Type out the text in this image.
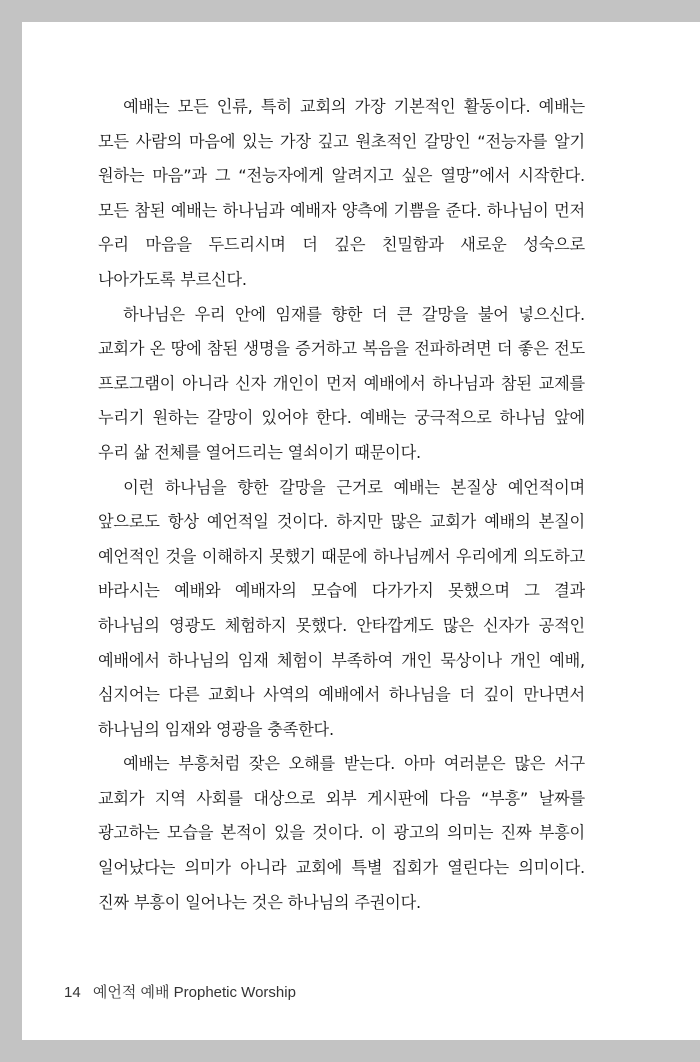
예배는 모든 인류, 특히 교회의 가장 기본적인 활동이다. 예배는 모든 사람의 마음에 있는 가장 깊고 원초적인 갈망인 “전능자를 알기 원하는 마음”과 그 “전능자에게 알려지고 싶은 열망”에서 시작한다. 모든 참된 예배는 하나님과 예배자 양측에 기쁨을 준다. 하나님이 먼저 우리 마음을 두드리시며 더 깊은 친밀함과 새로운 성숙으로 나아가도록 부르신다.

하나님은 우리 안에 임재를 향한 더 큰 갈망을 불어 넣으신다. 교회가 온 땅에 참된 생명을 증거하고 복음을 전파하려면 더 좋은 전도 프로그램이 아니라 신자 개인이 먼저 예배에서 하나님과 참된 교제를 누리기 원하는 갈망이 있어야 한다. 예배는 궁극적으로 하나님 앞에 우리 삶 전체를 열어드리는 열쇠이기 때문이다.

이런 하나님을 향한 갈망을 근거로 예배는 본질상 예언적이며 앞으로도 항상 예언적일 것이다. 하지만 많은 교회가 예배의 본질이 예언적인 것을 이해하지 못했기 때문에 하나님께서 우리에게 의도하고 바라시는 예배와 예배자의 모습에 다가가지 못했으며 그 결과 하나님의 영광도 체험하지 못했다. 안타깝게도 많은 신자가 공적인 예배에서 하나님의 임재 체험이 부족하여 개인 묵상이나 개인 예배, 심지어는 다른 교회나 사역의 예배에서 하나님을 더 깊이 만나면서 하나님의 임재와 영광을 충족한다.

예배는 부흥처럼 잦은 오해를 받는다. 아마 여러분은 많은 서구 교회가 지역 사회를 대상으로 외부 게시판에 다음 “부흥” 날짜를 광고하는 모습을 본적이 있을 것이다. 이 광고의 의미는 진짜 부흥이 일어났다는 의미가 아니라 교회에 특별 집회가 열린다는 의미이다. 진짜 부흥이 일어나는 것은 하나님의 주권이다.

14 예언적 예배 Prophetic Worship
